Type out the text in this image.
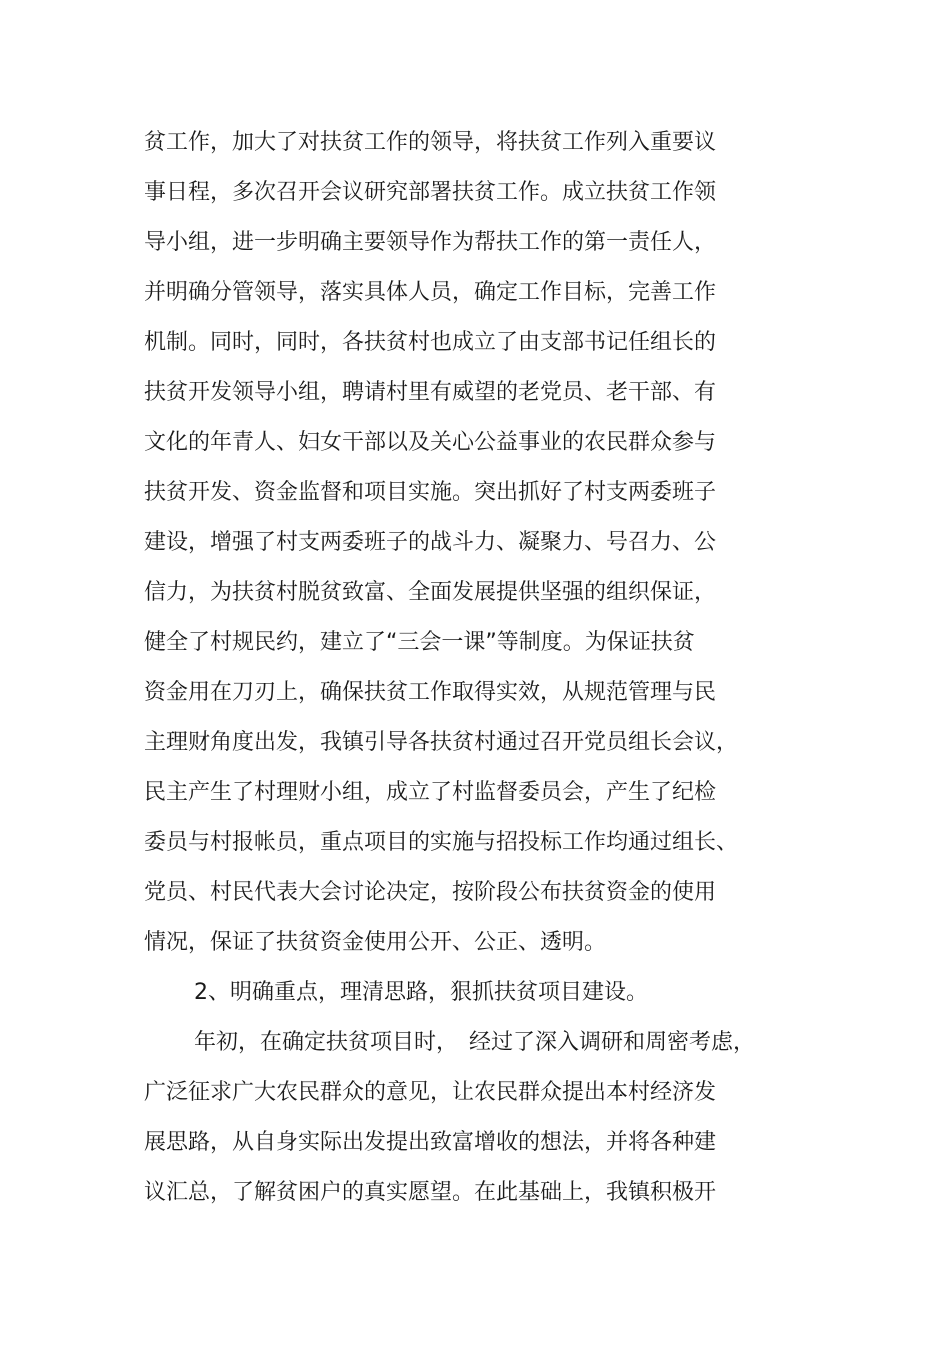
贫工作，加大了对扶贫工作的领导，将扶贫工作列入重要议
事日程，多次召开会议研究部署扶贫工作。成立扶贫工作领
导小组，进一步明确主要领导作为帮扶工作的第一责任人，
并明确分管领导，落实具体人员，确定工作目标，完善工作
机制。同时，同时，各扶贫村也成立了由支部书记任组长的
扶贫开发领导小组，聘请村里有威望的老党员、老干部、有
文化的年青人、妇女干部以及关心公益事业的农民群众参与
扶贫开发、资金监督和项目实施。突出抓好了村支两委班子
建设，增强了村支两委班子的战斗力、凝聚力、号召力、公
信力，为扶贫村脱贫致富、全面发展提供坚强的组织保证，
健全了村规民约，建立了“三会一课”等制度。为保证扶贫
资金用在刀刃上，确保扶贫工作取得实效，从规范管理与民
主理财角度出发，我镇引导各扶贫村通过召开党员组长会议，
民主产生了村理财小组，成立了村监督委员会，产生了纪检
委员与村报帐员，重点项目的实施与招投标工作均通过组长、
党员、村民代表大会讨论决定，按阶段公布扶贫资金的使用
情况，保证了扶贫资金使用公开、公正、透明。
2、明确重点，理清思路，狠抓扶贫项目建设。
年初，在确定扶贫项目时，　经过了深入调研和周密考虑，
广泛征求广大农民群众的意见，让农民群众提出本村经济发
展思路，从自身实际出发提出致富增收的想法，并将各种建
议汇总，了解贫困户的真实愿望。在此基础上，我镇积极开
